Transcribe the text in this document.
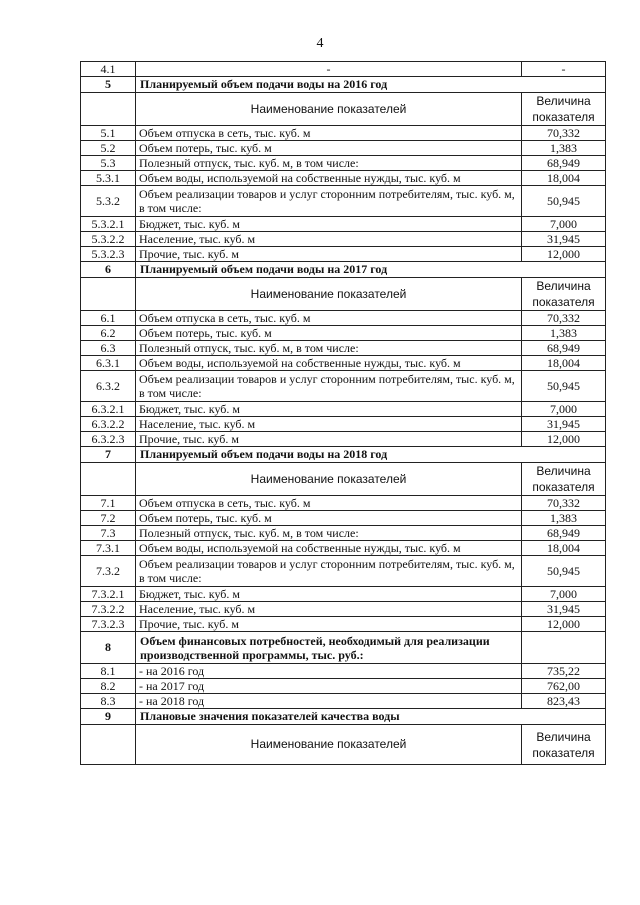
4
4.1	-	-
5	Планируемый объем подачи воды на 2016 год	
	Наименование показателей	Величина показателя
5.1	Объем отпуска в сеть, тыс. куб. м	70,332
5.2	Объем потерь, тыс. куб. м	1,383
5.3	Полезный отпуск, тыс. куб. м, в том числе:	68,949
5.3.1	Объем воды, используемой на собственные нужды, тыс. куб. м	18,004
5.3.2	Объем реализации товаров и услуг сторонним потребителям, тыс. куб. м, в том числе:	50,945
5.3.2.1	Бюджет, тыс. куб. м	7,000
5.3.2.2	Население, тыс. куб. м	31,945
5.3.2.3	Прочие, тыс. куб. м	12,000
6	Планируемый объем подачи воды на 2017 год	
	Наименование показателей	Величина показателя
6.1	Объем отпуска в сеть, тыс. куб. м	70,332
6.2	Объем потерь, тыс. куб. м	1,383
6.3	Полезный отпуск, тыс. куб. м, в том числе:	68,949
6.3.1	Объем воды, используемой на собственные нужды, тыс. куб. м	18,004
6.3.2	Объем реализации товаров и услуг сторонним потребителям, тыс. куб. м, в том числе:	50,945
6.3.2.1	Бюджет, тыс. куб. м	7,000
6.3.2.2	Население, тыс. куб. м	31,945
6.3.2.3	Прочие, тыс. куб. м	12,000
7	Планируемый объем подачи воды на 2018 год	
	Наименование показателей	Величина показателя
7.1	Объем отпуска в сеть, тыс. куб. м	70,332
7.2	Объем потерь, тыс. куб. м	1,383
7.3	Полезный отпуск, тыс. куб. м, в том числе:	68,949
7.3.1	Объем воды, используемой на собственные нужды, тыс. куб. м	18,004
7.3.2	Объем реализации товаров и услуг сторонним потребителям, тыс. куб. м, в том числе:	50,945
7.3.2.1	Бюджет, тыс. куб. м	7,000
7.3.2.2	Население, тыс. куб. м	31,945
7.3.2.3	Прочие, тыс. куб. м	12,000
8	Объем финансовых потребностей, необходимый для реализации производственной программы, тыс. руб.:	
8.1	- на 2016 год	735,22
8.2	- на 2017 год	762,00
8.3	- на 2018 год	823,43
9	Плановые значения показателей качества воды	
	Наименование показателей	Величина показателя
